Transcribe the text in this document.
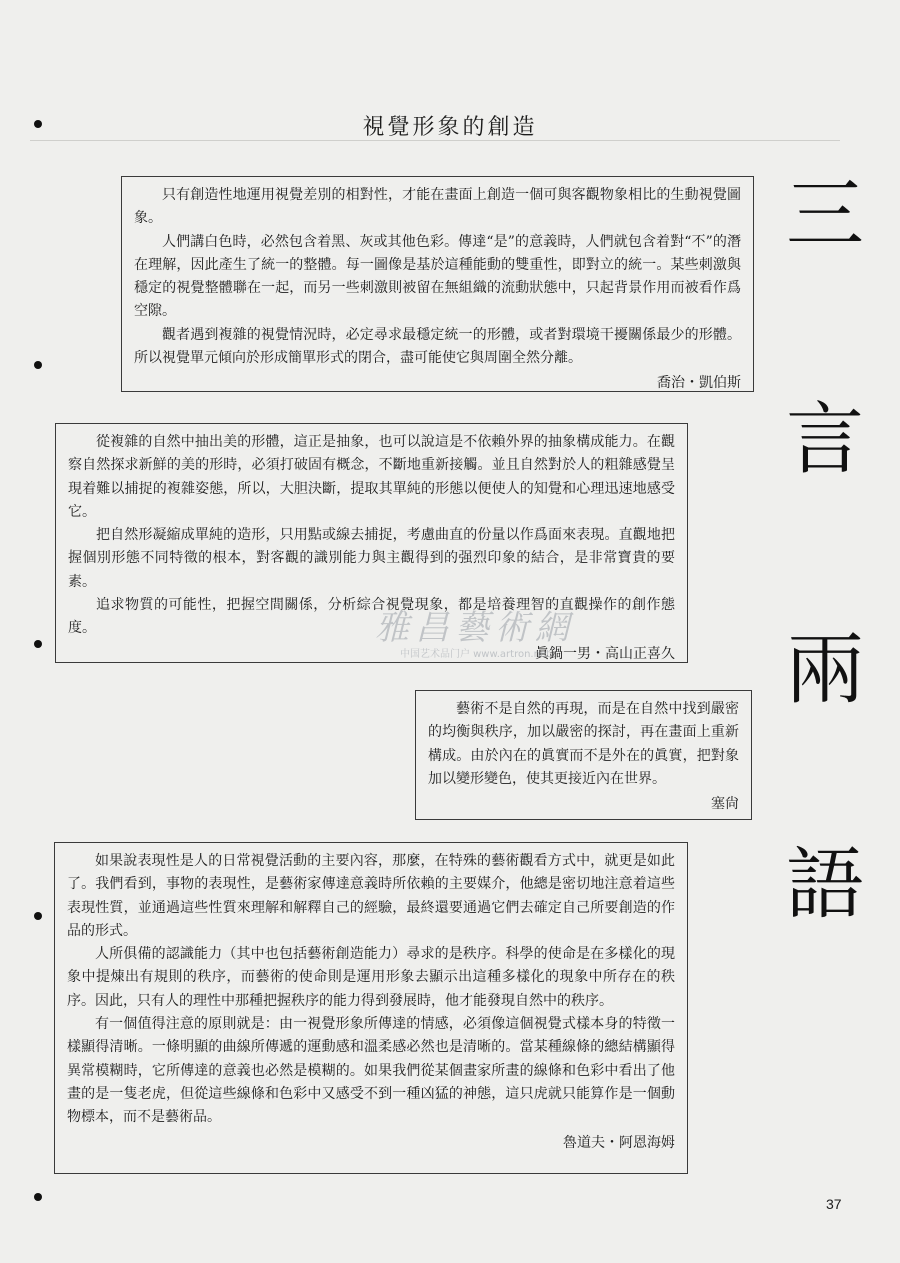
視覺形象的創造

只有創造性地運用視覺差別的相對性，才能在畫面上創造一個可與客觀物象相比的生動視覺圖象。

人們講白色時，必然包含着黑、灰或其他色彩。傳達“是”的意義時，人們就包含着對“不”的潛在理解，因此產生了統一的整體。每一圖像是基於這種能動的雙重性，即對立的統一。某些刺激與穩定的視覺整體聯在一起，而另一些刺激則被留在無組織的流動狀態中，只起背景作用而被看作爲空隙。

觀者遇到複雜的視覺情況時，必定尋求最穩定統一的形體，或者對環境干擾關係最少的形體。所以視覺單元傾向於形成簡單形式的閉合，盡可能使它與周圍全然分離。

喬治・凱伯斯

從複雜的自然中抽出美的形體，這正是抽象，也可以說這是不依賴外界的抽象構成能力。在觀察自然探求新鮮的美的形時，必須打破固有概念，不斷地重新接觸。並且自然對於人的粗雜感覺呈現着難以捕捉的複雜姿態，所以，大胆決斷，提取其單純的形態以便使人的知覺和心理迅速地感受它。

把自然形凝縮成單純的造形，只用點或線去捕捉，考慮曲直的份量以作爲面來表現。直觀地把握個別形態不同特徵的根本，對客觀的識別能力與主觀得到的强烈印象的結合，是非常寶貴的要素。

追求物質的可能性，把握空間關係，分析綜合視覺現象，都是培養理智的直觀操作的創作態度。

眞鍋一男・高山正喜久

藝術不是自然的再現，而是在自然中找到嚴密的均衡與秩序，加以嚴密的探討，再在畫面上重新構成。由於內在的眞實而不是外在的眞實，把對象加以變形變色，使其更接近內在世界。

塞尙

如果說表現性是人的日常視覺活動的主要內容，那麼，在特殊的藝術觀看方式中，就更是如此了。我們看到，事物的表現性，是藝術家傳達意義時所依賴的主要媒介，他總是密切地注意着這些表現性質，並通過這些性質來理解和解釋自己的經驗，最終還要通過它們去確定自己所要創造的作品的形式。

人所俱備的認識能力（其中也包括藝術創造能力）尋求的是秩序。科學的使命是在多樣化的現象中提煉出有規則的秩序，而藝術的使命則是運用形象去顯示出這種多樣化的現象中所存在的秩序。因此，只有人的理性中那種把握秩序的能力得到發展時，他才能發現自然中的秩序。

有一個值得注意的原則就是：由一視覺形象所傳達的情感，必須像這個視覺式樣本身的特徵一樣顯得清晰。一條明顯的曲線所傳遞的運動感和溫柔感必然也是清晰的。當某種線條的總結構顯得異常模糊時，它所傳達的意義也必然是模糊的。如果我們從某個畫家所畫的線條和色彩中看出了他畫的是一隻老虎，但從這些線條和色彩中又感受不到一種凶猛的神態，這只虎就只能算作是一個動物標本，而不是藝術品。

魯道夫・阿恩海姆

三
言
兩
語
雅昌藝術網
中国艺术品门户 www.artron.net
37
